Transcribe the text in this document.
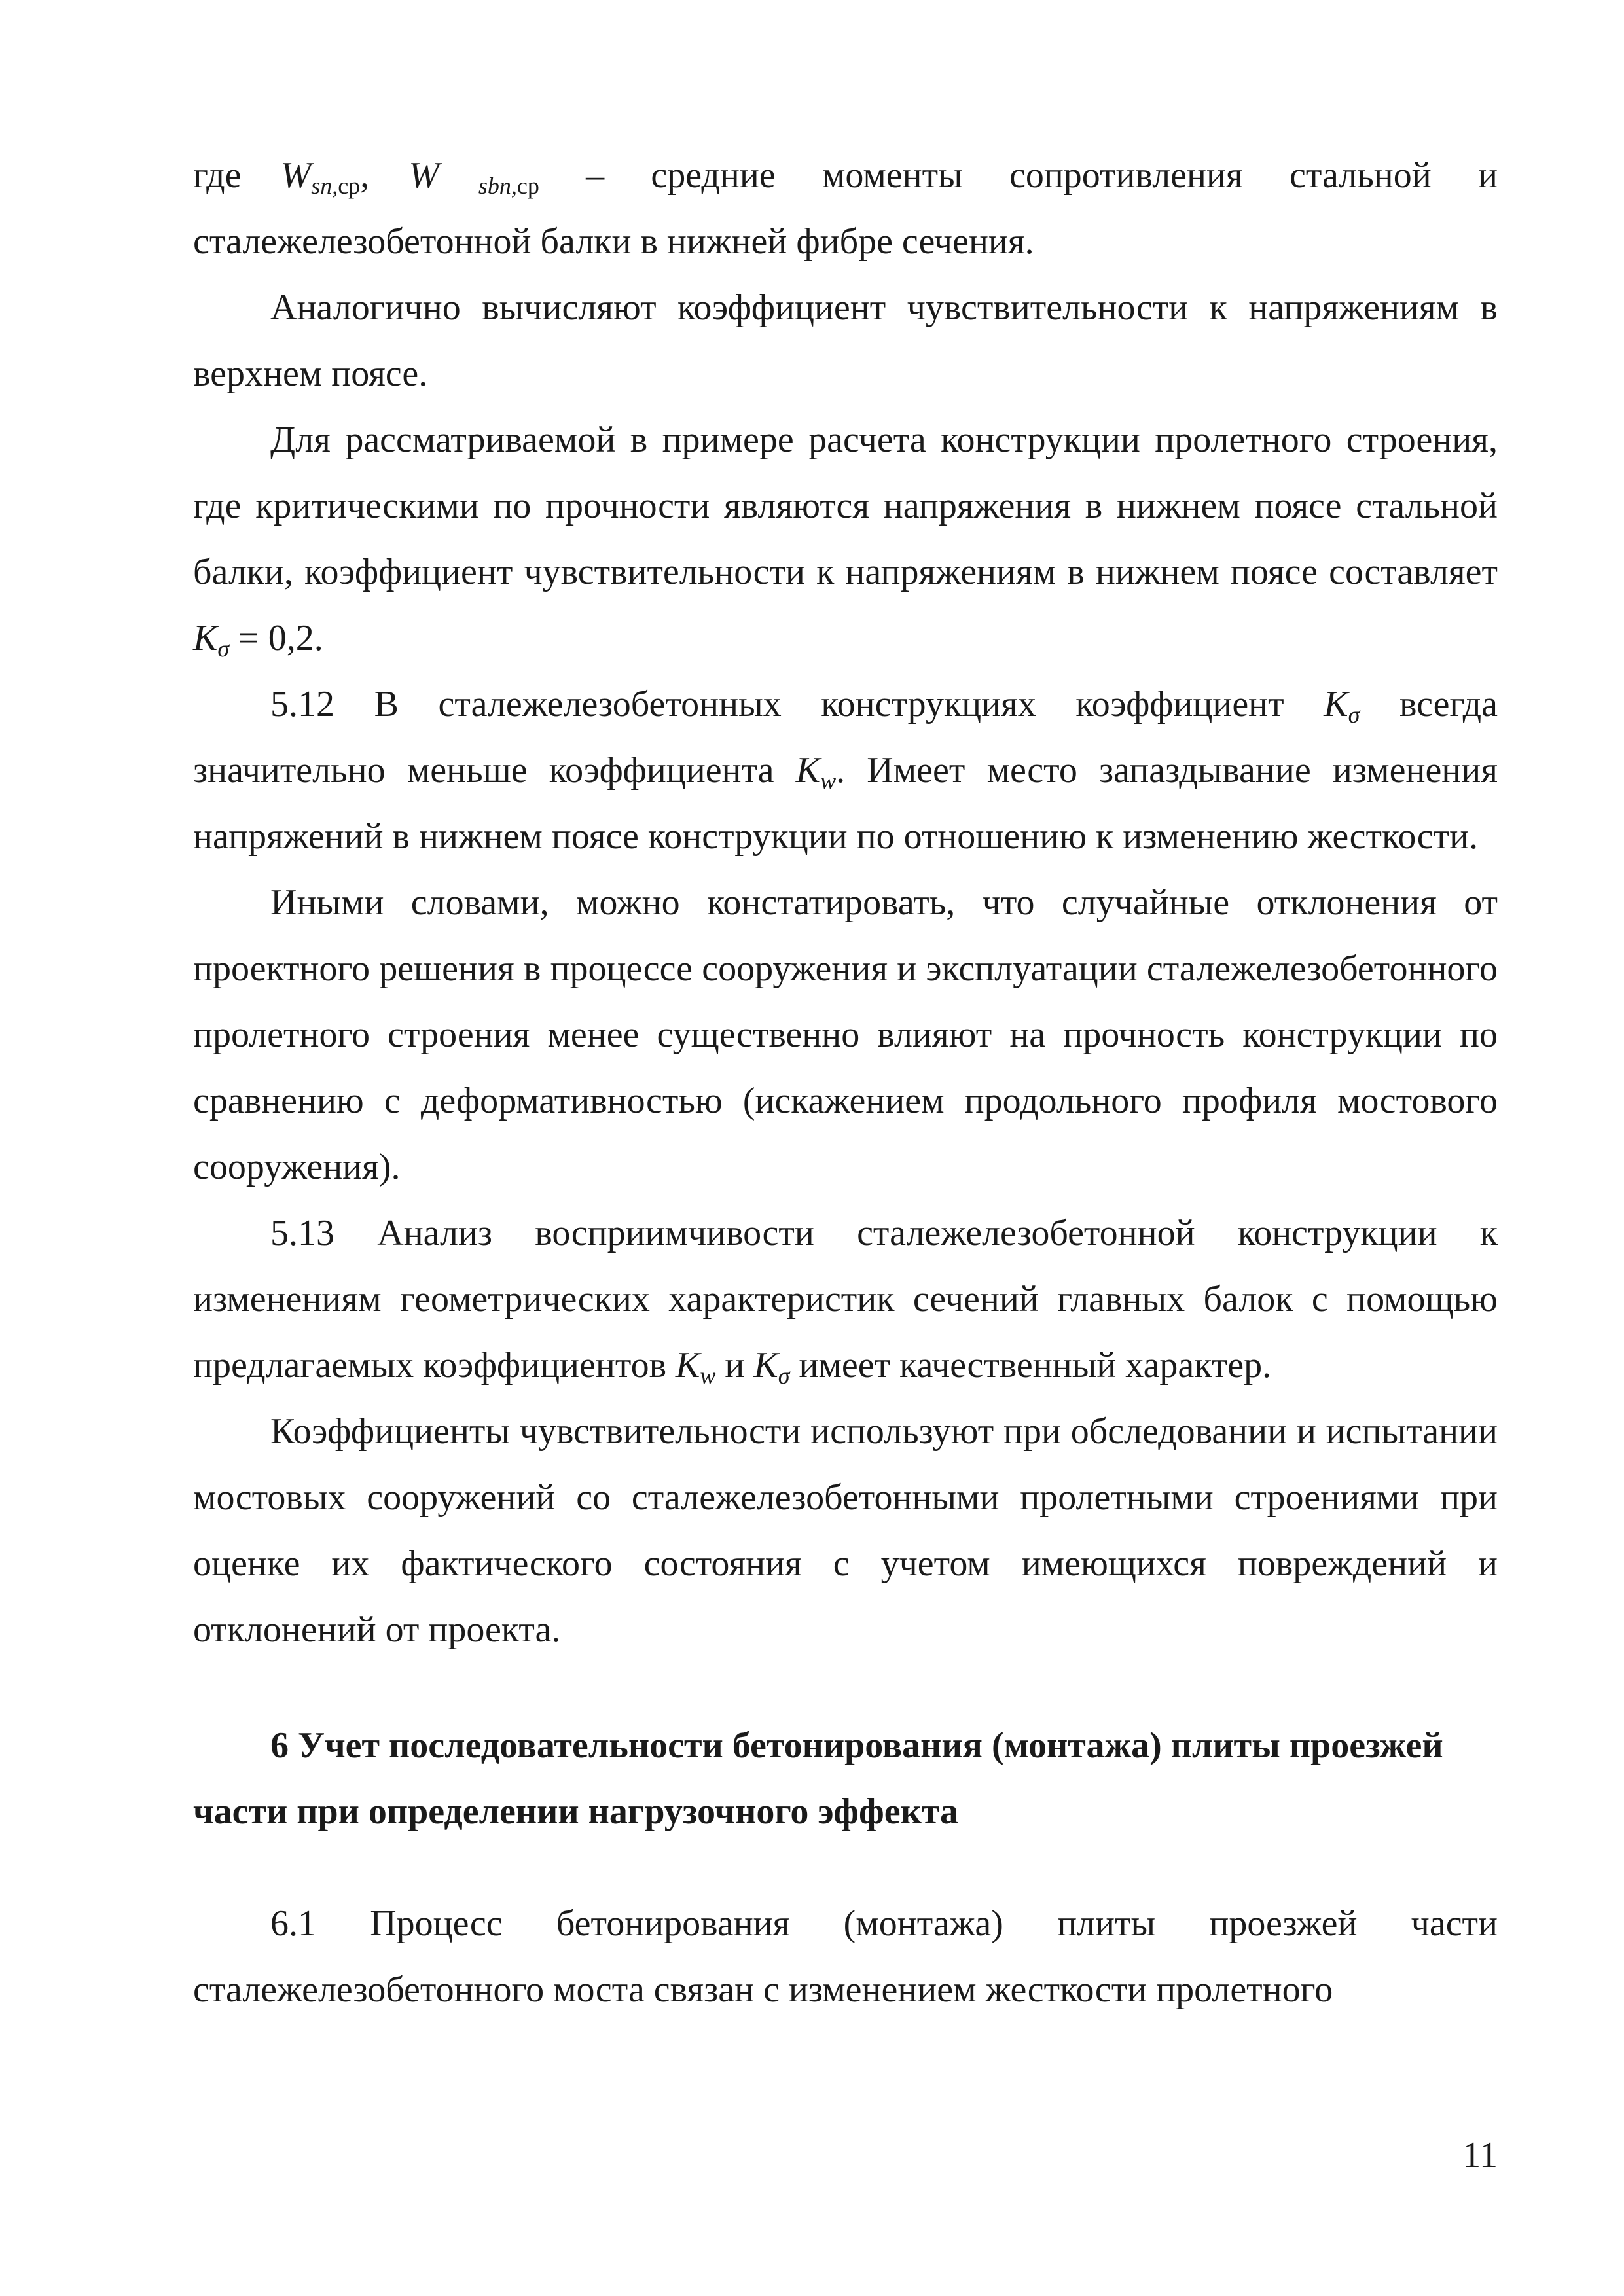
где $W_{sn,ср}$, W $_{sbn,ср}$ – средние моменты сопротивления стальной и сталежелезобетонной балки в нижней фибре сечения.

Аналогично вычисляют коэффициент чувствительности к напряжениям в верхнем поясе.

Для рассматриваемой в примере расчета конструкции пролетного строения, где критическими по прочности являются напряжения в нижнем поясе стальной балки, коэффициент чувствительности к напряжениям в нижнем поясе составляет $K_\sigma = 0,2$.

5.12 В сталежелезобетонных конструкциях коэффициент $K_\sigma$ всегда значительно меньше коэффициента $K_w$. Имеет место запаздывание изменения напряжений в нижнем поясе конструкции по отношению к изменению жесткости.

Иными словами, можно констатировать, что случайные отклонения от проектного решения в процессе сооружения и эксплуатации сталежелезобетонного пролетного строения менее существенно влияют на прочность конструкции по сравнению с деформативностью (искажением продольного профиля мостового сооружения).

5.13 Анализ восприимчивости сталежелезобетонной конструкции к изменениям геометрических характеристик сечений главных балок с помощью предлагаемых коэффициентов $K_w$ и $K_\sigma$ имеет качественный характер.

Коэффициенты чувствительности используют при обследовании и испытании мостовых сооружений со сталежелезобетонными пролетными строениями при оценке их фактического состояния с учетом имеющихся повреждений и отклонений от проекта.

6 Учет последовательности бетонирования (монтажа) плиты проезжей части при определении нагрузочного эффекта

6.1 Процесс бетонирования (монтажа) плиты проезжей части сталежелезобетонного моста связан с изменением жесткости пролетного

11
